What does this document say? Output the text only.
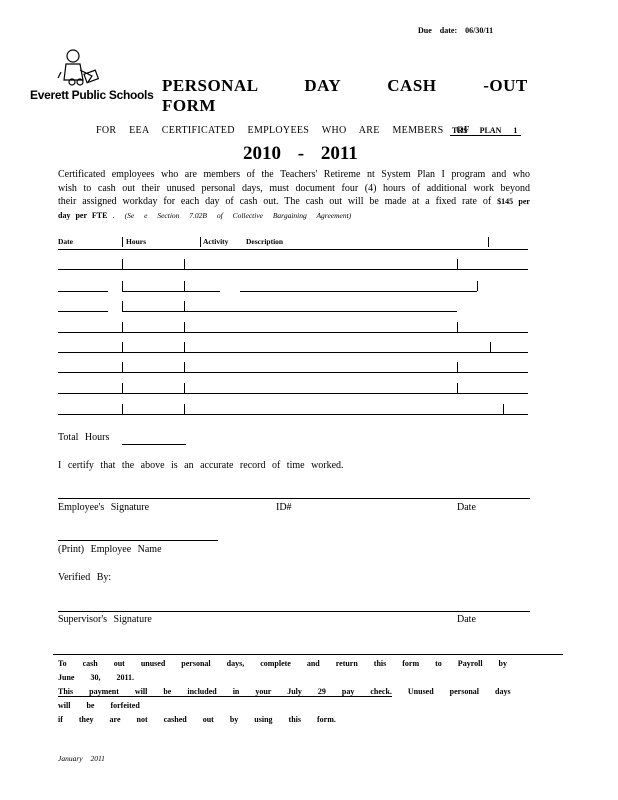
Due date: 06/30/11
Everett Public Schools PERSONAL DAY CASH -OUT FORM
FOR EEA CERTIFICATED EMPLOYEES WHO ARE MEMBERS OF
TRS PLAN 1
2010 - 2011
Certificated employees who are members of the Teachers' Retireme nt System Plan I program and who wish to cash out their unused personal days, must document four (4) hours of additional work beyond their assigned workday for each day of cash out. The cash out will be made at a fixed rate of $145 per day per FTE . (Se e Section 7.02B of Collective Bargaining Agreement)
Date	Hours	Activity Description
Total Hours
I certify that the above is an accurate record of time worked.
Employee's Signature	ID#	Date
(Print) Employee Name
Verified By:
Supervisor's Signature	Date
To cash out unused personal days, complete and return this form to Payroll by June 30, 2011.
This payment will be included in your July 29 pay check. Unused personal days will be forfeited
if they are not cashed out by using this form.
January 2011
